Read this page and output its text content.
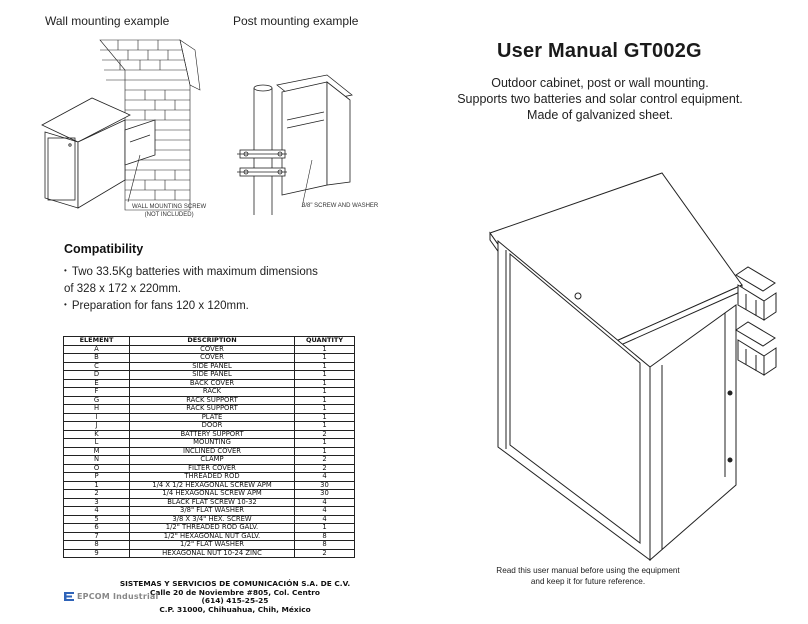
Wall mounting example	Post mounting example
WALL MOUNTING SCREW
(NOT INCLUDED)
3/8" SCREW AND WASHER
User Manual GT002G
Outdoor cabinet, post or wall mounting.
Supports two batteries and solar control equipment.
Made of galvanized sheet.
Compatibility
• Two 33.5Kg batteries with maximum dimensions
of 328 x 172 x 220mm.
• Preparation for fans 120 x 120mm.
ELEMENT	DESCRIPTION	QUANTITY
A	COVER	1
B	COVER	1
C	SIDE PANEL	1
D	SIDE PANEL	1
E	BACK COVER	1
F	RACK	1
G	RACK SUPPORT	1
H	RACK SUPPORT	1
I	PLATE	1
J	DOOR	1
K	BATTERY SUPPORT	2
L	MOUNTING	1
M	INCLINED COVER	1
N	CLAMP	2
O	FILTER COVER	2
P	THREADED ROD	4
1	1/4 X 1/2 HEXAGONAL SCREW APM	30
2	1/4 HEXAGONAL SCREW APM	30
3	BLACK FLAT SCREW 10-32	4
4	3/8" FLAT WASHER	4
5	3/8 X 3/4" HEX. SCREW	4
6	1/2" THREADED ROD GALV.	1
7	1/2" HEXAGONAL NUT GALV.	8
8	1/2" FLAT WASHER	8
9	HEXAGONAL NUT 10-24 ZINC	2
SISTEMAS Y SERVICIOS DE COMUNICACIÓN S.A. DE C.V.
Calle 20 de Noviembre #805, Col. Centro
(614) 415-25-25
C.P. 31000, Chihuahua, Chih, México
EPCOM Industrial
Read this user manual before using the equipment
and keep it for future reference.
